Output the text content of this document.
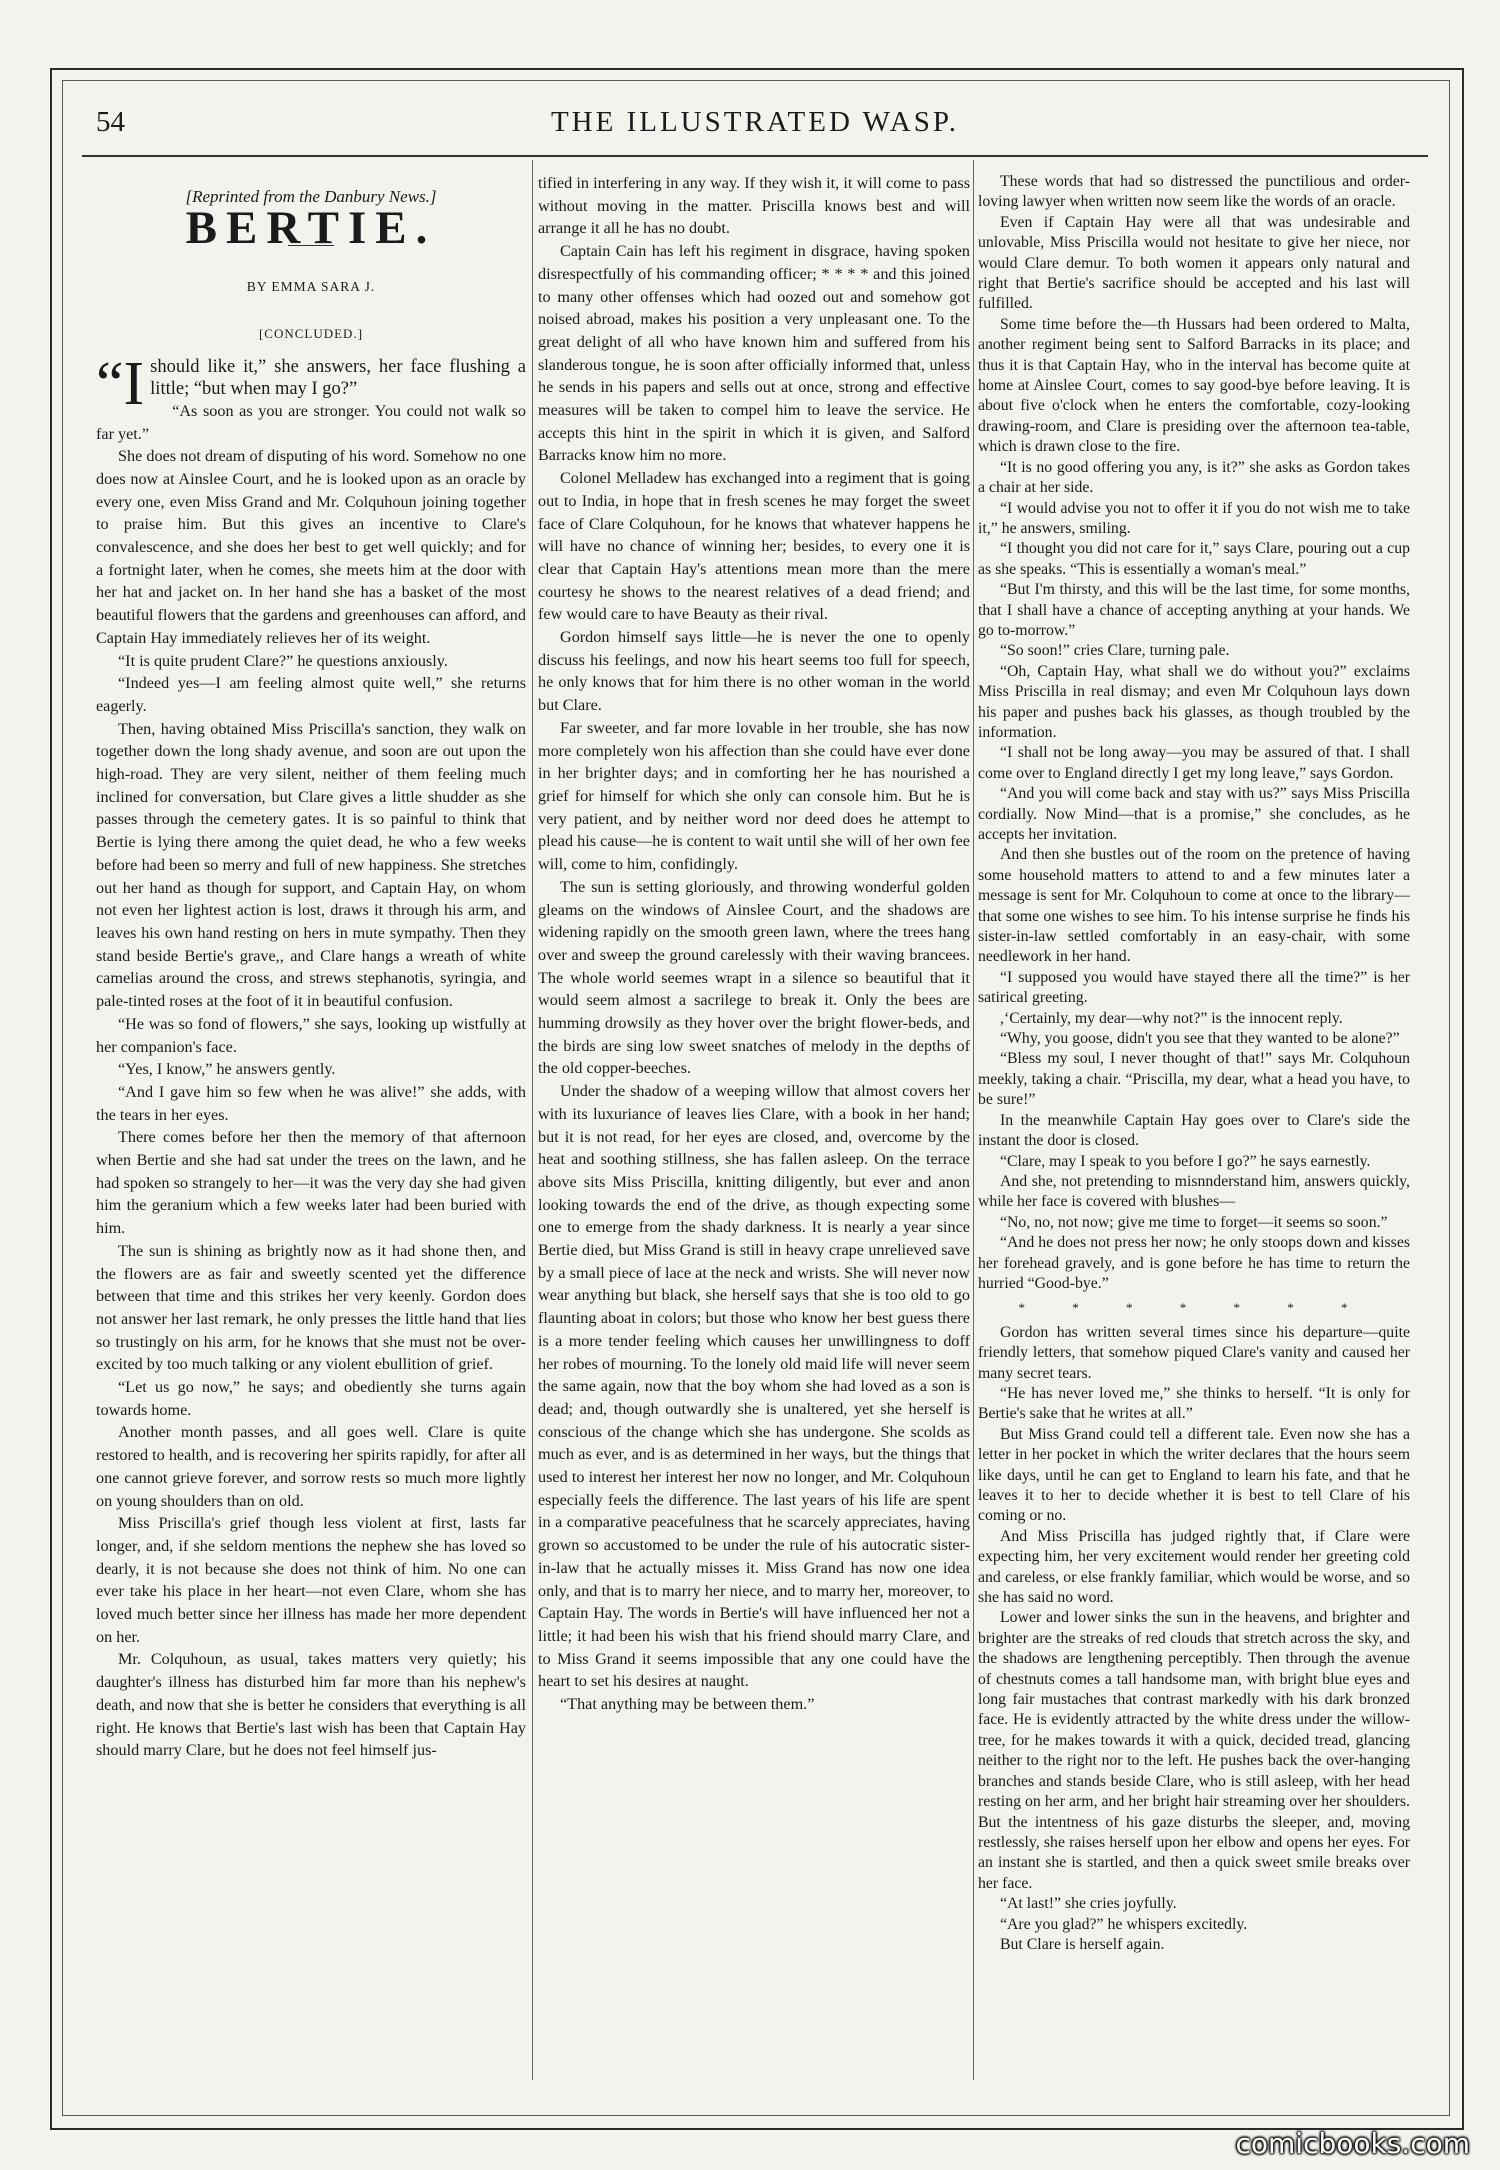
54	THE ILLUSTRATED WASP.
[Reprinted from the Danbury News.]
BERTIE.
BY EMMA SARA J.
[CONCLUDED.]

“Ishould like it,” she answers, her face flushing a little; “but when may I go?”

“As soon as you are stronger. You could not walk so far yet.”

She does not dream of disputing of his word. Somehow no one does now at Ainslee Court, and he is looked upon as an oracle by every one, even Miss Grand and Mr. Colquhoun joining together to praise him. But this gives an incentive to Clare's convalescence, and she does her best to get well quickly; and for a fortnight later, when he comes, she meets him at the door with her hat and jacket on. In her hand she has a basket of the most beautiful flowers that the gardens and greenhouses can afford, and Captain Hay immediately relieves her of its weight.

“It is quite prudent Clare?” he questions anxiously.

“Indeed yes—I am feeling almost quite well,” she returns eagerly.

Then, having obtained Miss Priscilla's sanction, they walk on together down the long shady avenue, and soon are out upon the high-road. They are very silent, neither of them feeling much inclined for conversation, but Clare gives a little shudder as she passes through the cemetery gates. It is so painful to think that Bertie is lying there among the quiet dead, he who a few weeks before had been so merry and full of new happiness. She stretches out her hand as though for support, and Captain Hay, on whom not even her lightest action is lost, draws it through his arm, and leaves his own hand resting on hers in mute sympathy. Then they stand beside Bertie's grave,, and Clare hangs a wreath of white camelias around the cross, and strews stephanotis, syringia, and pale-tinted roses at the foot of it in beautiful confusion.

“He was so fond of flowers,” she says, looking up wistfully at her companion's face.

“Yes, I know,” he answers gently.

“And I gave him so few when he was alive!” she adds, with the tears in her eyes.

There comes before her then the memory of that afternoon when Bertie and she had sat under the trees on the lawn, and he had spoken so strangely to her—it was the very day she had given him the geranium which a few weeks later had been buried with him.

The sun is shining as brightly now as it had shone then, and the flowers are as fair and sweetly scented yet the difference between that time and this strikes her very keenly. Gordon does not answer her last remark, he only presses the little hand that lies so trustingly on his arm, for he knows that she must not be over-excited by too much talking or any violent ebullition of grief.

“Let us go now,” he says; and obediently she turns again towards home.

Another month passes, and all goes well. Clare is quite restored to health, and is recovering her spirits rapidly, for after all one cannot grieve forever, and sorrow rests so much more lightly on young shoulders than on old.

Miss Priscilla's grief though less violent at first, lasts far longer, and, if she seldom mentions the nephew she has loved so dearly, it is not because she does not think of him. No one can ever take his place in her heart—not even Clare, whom she has loved much better since her illness has made her more dependent on her.

Mr. Colquhoun, as usual, takes matters very quietly; his daughter's illness has disturbed him far more than his nephew's death, and now that she is better he considers that everything is all right. He knows that Bertie's last wish has been that Captain Hay should marry Clare, but he does not feel himself jus-

tified in interfering in any way. If they wish it, it will come to pass without moving in the matter. Priscilla knows best and will arrange it all he has no doubt.

Captain Cain has left his regiment in disgrace, having spoken disrespectfully of his commanding officer; * * * * and this joined to many other offenses which had oozed out and somehow got noised abroad, makes his position a very unpleasant one. To the great delight of all who have known him and suffered from his slanderous tongue, he is soon after officially informed that, unless he sends in his papers and sells out at once, strong and effective measures will be taken to compel him to leave the service. He accepts this hint in the spirit in which it is given, and Salford Barracks know him no more.

Colonel Melladew has exchanged into a regiment that is going out to India, in hope that in fresh scenes he may forget the sweet face of Clare Colquhoun, for he knows that whatever happens he will have no chance of winning her; besides, to every one it is clear that Captain Hay's attentions mean more than the mere courtesy he shows to the nearest relatives of a dead friend; and few would care to have Beauty as their rival.

Gordon himself says little—he is never the one to openly discuss his feelings, and now his heart seems too full for speech, he only knows that for him there is no other woman in the world but Clare.

Far sweeter, and far more lovable in her trouble, she has now more completely won his affection than she could have ever done in her brighter days; and in comforting her he has nourished a grief for himself for which she only can console him. But he is very patient, and by neither word nor deed does he attempt to plead his cause—he is content to wait until she will of her own fee will, come to him, confidingly.

The sun is setting gloriously, and throwing wonderful golden gleams on the windows of Ainslee Court, and the shadows are widening rapidly on the smooth green lawn, where the trees hang over and sweep the ground carelessly with their waving brancees. The whole world seemes wrapt in a silence so beautiful that it would seem almost a sacrilege to break it. Only the bees are humming drowsily as they hover over the bright flower-beds, and the birds are sing low sweet snatches of melody in the depths of the old copper-beeches.

Under the shadow of a weeping willow that almost covers her with its luxuriance of leaves lies Clare, with a book in her hand; but it is not read, for her eyes are closed, and, overcome by the heat and soothing stillness, she has fallen asleep. On the terrace above sits Miss Priscilla, knitting diligently, but ever and anon looking towards the end of the drive, as though expecting some one to emerge from the shady darkness. It is nearly a year since Bertie died, but Miss Grand is still in heavy crape unrelieved save by a small piece of lace at the neck and wrists. She will never now wear anything but black, she herself says that she is too old to go flaunting aboat in colors; but those who know her best guess there is a more tender feeling which causes her unwillingness to doff her robes of mourning. To the lonely old maid life will never seem the same again, now that the boy whom she had loved as a son is dead; and, though outwardly she is unaltered, yet she herself is conscious of the change which she has undergone. She scolds as much as ever, and is as determined in her ways, but the things that used to interest her interest her now no longer, and Mr. Colquhoun especially feels the difference. The last years of his life are spent in a comparative peacefulness that he scarcely appreciates, having grown so accustomed to be under the rule of his autocratic sister-in-law that he actually misses it. Miss Grand has now one idea only, and that is to marry her niece, and to marry her, moreover, to Captain Hay. The words in Bertie's will have influenced her not a little; it had been his wish that his friend should marry Clare, and to Miss Grand it seems impossible that any one could have the heart to set his desires at naught.

“That anything may be between them.”

These words that had so distressed the punctilious and order-loving lawyer when written now seem like the words of an oracle.

Even if Captain Hay were all that was undesirable and unlovable, Miss Priscilla would not hesitate to give her niece, nor would Clare demur. To both women it appears only natural and right that Bertie's sacrifice should be accepted and his last will fulfilled.

Some time before the—th Hussars had been ordered to Malta, another regiment being sent to Salford Barracks in its place; and thus it is that Captain Hay, who in the interval has become quite at home at Ainslee Court, comes to say good-bye before leaving. It is about five o'clock when he enters the comfortable, cozy-looking drawing-room, and Clare is presiding over the afternoon tea-table, which is drawn close to the fire.

“It is no good offering you any, is it?” she asks as Gordon takes a chair at her side.

“I would advise you not to offer it if you do not wish me to take it,” he answers, smiling.

“I thought you did not care for it,” says Clare, pouring out a cup as she speaks. “This is essentially a woman's meal.”

“But I'm thirsty, and this will be the last time, for some months, that I shall have a chance of accepting anything at your hands. We go to-morrow.”

“So soon!” cries Clare, turning pale.

“Oh, Captain Hay, what shall we do without you?” exclaims Miss Priscilla in real dismay; and even Mr Colquhoun lays down his paper and pushes back his glasses, as though troubled by the information.

“I shall not be long away—you may be assured of that. I shall come over to England directly I get my long leave,” says Gordon.

“And you will come back and stay with us?” says Miss Priscilla cordially. Now Mind—that is a promise,” she concludes, as he accepts her invitation.

And then she bustles out of the room on the pretence of having some household matters to attend to and a few minutes later a message is sent for Mr. Colquhoun to come at once to the library—that some one wishes to see him. To his intense surprise he finds his sister-in-law settled comfortably in an easy-chair, with some needlework in her hand.

“I supposed you would have stayed there all the time?” is her satirical greeting.

,‘Certainly, my dear—why not?” is the innocent reply.

“Why, you goose, didn't you see that they wanted to be alone?”

“Bless my soul, I never thought of that!” says Mr. Colquhoun meekly, taking a chair. “Priscilla, my dear, what a head you have, to be sure!”

In the meanwhile Captain Hay goes over to Clare's side the instant the door is closed.

“Clare, may I speak to you before I go?” he says earnestly.

And she, not pretending to misnnderstand him, answers quickly, while her face is covered with blushes—

“No, no, not now; give me time to forget—it seems so soon.”

“And he does not press her now; he only stoops down and kisses her forehead gravely, and is gone before he has time to return the hurried “Good-bye.”

* * * * * * *

Gordon has written several times since his departure—quite friendly letters, that somehow piqued Clare's vanity and caused her many secret tears.

“He has never loved me,” she thinks to herself. “It is only for Bertie's sake that he writes at all.”

But Miss Grand could tell a different tale. Even now she has a letter in her pocket in which the writer declares that the hours seem like days, until he can get to England to learn his fate, and that he leaves it to her to decide whether it is best to tell Clare of his coming or no.

And Miss Priscilla has judged rightly that, if Clare were expecting him, her very excitement would render her greeting cold and careless, or else frankly familiar, which would be worse, and so she has said no word.

Lower and lower sinks the sun in the heavens, and brighter and brighter are the streaks of red clouds that stretch across the sky, and the shadows are lengthening perceptibly. Then through the avenue of chestnuts comes a tall handsome man, with bright blue eyes and long fair mustaches that contrast markedly with his dark bronzed face. He is evidently attracted by the white dress under the willow-tree, for he makes towards it with a quick, decided tread, glancing neither to the right nor to the left. He pushes back the over-hanging branches and stands beside Clare, who is still asleep, with her head resting on her arm, and her bright hair streaming over her shoulders. But the intentness of his gaze disturbs the sleeper, and, moving restlessly, she raises herself upon her elbow and opens her eyes. For an instant she is startled, and then a quick sweet smile breaks over her face.

“At last!” she cries joyfully.

“Are you glad?” he whispers excitedly.

But Clare is herself again.

comicbooks.com
